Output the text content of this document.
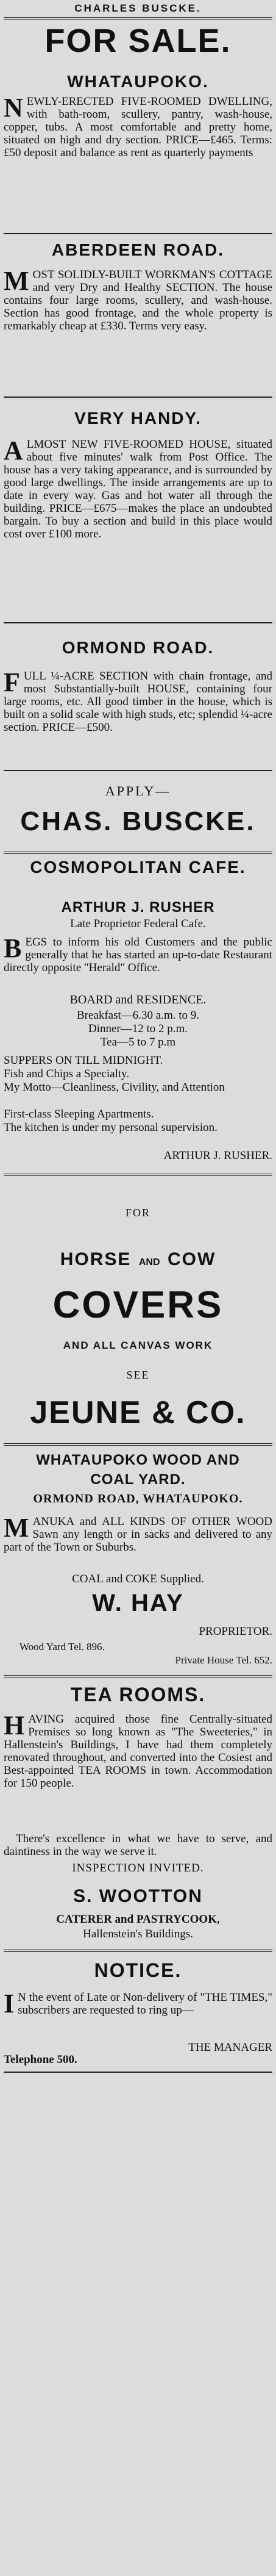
CHARLES BUSCKE.
FOR SALE.
WHATAUPOKO.
NEWLY-ERECTED FIVE-ROOMED DWELLING, with bath-room, scullery, pantry, wash-house, copper, tubs. A most comfortable and pretty home, situated on high and dry section. PRICE—£465. Terms: £50 deposit and balance as rent as quarterly payments
ABERDEEN ROAD.
MOST SOLIDLY-BUILT WORKMAN'S COTTAGE and very Dry and Healthy SECTION. The house contains four large rooms, scullery, and wash-house. Section has good frontage, and the whole property is remarkably cheap at £330. Terms very easy.
VERY HANDY.
ALMOST NEW FIVE-ROOMED HOUSE, situated about five minutes' walk from Post Office. The house has a very taking appearance, and is surrounded by good large dwellings. The inside arrangements are up to date in every way. Gas and hot water all through the building. PRICE—£675—makes the place an undoubted bargain. To buy a section and build in this place would cost over £100 more.
ORMOND ROAD.
FULL ¼-ACRE SECTION with chain frontage, and most Substantially-built HOUSE, containing four large rooms, etc. All good timber in the house, which is built on a solid scale with high studs, etc; splendid ¼-acre section. PRICE—£500.
APPLY—
CHAS. BUSCKE.
COSMOPOLITAN CAFE.
ARTHUR J. RUSHER
Late Proprietor Federal Cafe.
BEGS to inform his old Customers and the public generally that he has started an up-to-date Restaurant directly opposite "Herald" Office.
BOARD and RESIDENCE.
Breakfast—6.30 a.m. to 9.
Dinner—12 to 2 p.m.
Tea—5 to 7 p.m
SUPPERS ON TILL MIDNIGHT.
Fish and Chips a Specialty.
My Motto—Cleanliness, Civility, and Attention
First-class Sleeping Apartments.
The kitchen is under my personal supervision.
ARTHUR J. RUSHER.
FOR
HORSE AND COW
COVERS
AND ALL CANVAS WORK
SEE
JEUNE & CO.
WHATAUPOKO WOOD AND
COAL YARD.
ORMOND ROAD, WHATAUPOKO.
MANUKA and ALL KINDS OF OTHER WOOD Sawn any length or in sacks and delivered to any part of the Town or Suburbs.
COAL and COKE Supplied.
W. HAY
PROPRIETOR.
Wood Yard Tel. 896.
Private House Tel. 652.
TEA ROOMS.
HAVING acquired those fine Centrally-situated Premises so long known as "The Sweeteries," in Hallenstein's Buildings, I have had them completely renovated throughout, and converted into the Cosiest and Best-appointed TEA ROOMS in town. Accommodation for 150 people.
There's excellence in what we have to serve, and daintiness in the way we serve it.
INSPECTION INVITED.
S. WOOTTON
CATERER and PASTRYCOOK,
Hallenstein's Buildings.
NOTICE.
I N the event of Late or Non-delivery of "THE TIMES," subscribers are requested to ring up—
THE MANAGER
Telephone 500.
